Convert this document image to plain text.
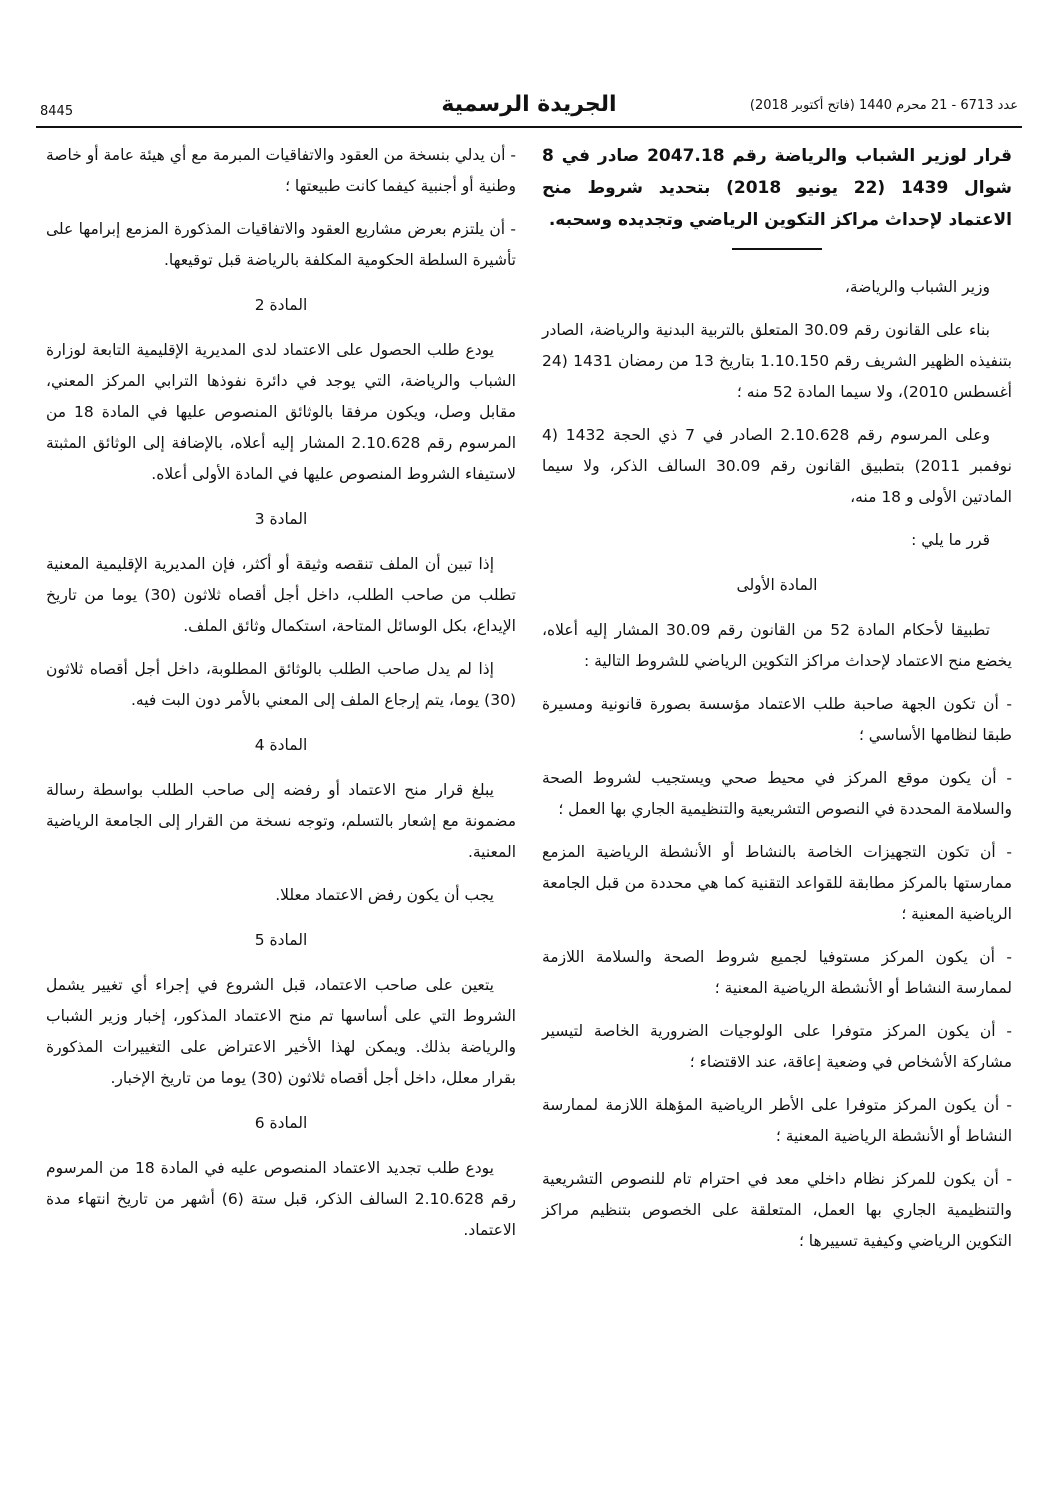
عدد 6713 - 21 محرم 1440 (فاتح أكتوبر 2018)
الجريدة الرسمية
8445

قرار لوزير الشباب والرياضة رقم 2047.18 صادر في 8 شوال 1439 (22 يونيو 2018) بتحديد شروط منح الاعتماد لإحداث مراكز التكوين الرياضي وتجديده وسحبه.

وزير الشباب والرياضة،

بناء على القانون رقم 30.09 المتعلق بالتربية البدنية والرياضة، الصادر بتنفيذه الظهير الشريف رقم 1.10.150 بتاريخ 13 من رمضان 1431 (24 أغسطس 2010)، ولا سيما المادة 52 منه ؛

وعلى المرسوم رقم 2.10.628 الصادر في 7 ذي الحجة 1432 (4 نوفمبر 2011) بتطبيق القانون رقم 30.09 السالف الذكر، ولا سيما المادتين الأولى و 18 منه،

قرر ما يلي :

المادة الأولى

تطبيقا لأحكام المادة 52 من القانون رقم 30.09 المشار إليه أعلاه، يخضع منح الاعتماد لإحداث مراكز التكوين الرياضي للشروط التالية :

- أن تكون الجهة صاحبة طلب الاعتماد مؤسسة بصورة قانونية ومسيرة طبقا لنظامها الأساسي ؛

- أن يكون موقع المركز في محيط صحي ويستجيب لشروط الصحة والسلامة المحددة في النصوص التشريعية والتنظيمية الجاري بها العمل ؛

- أن تكون التجهيزات الخاصة بالنشاط أو الأنشطة الرياضية المزمع ممارستها بالمركز مطابقة للقواعد التقنية كما هي محددة من قبل الجامعة الرياضية المعنية ؛

- أن يكون المركز مستوفيا لجميع شروط الصحة والسلامة اللازمة لممارسة النشاط أو الأنشطة الرياضية المعنية ؛

- أن يكون المركز متوفرا على الولوجيات الضرورية الخاصة لتيسير مشاركة الأشخاص في وضعية إعاقة، عند الاقتضاء ؛

- أن يكون المركز متوفرا على الأطر الرياضية المؤهلة اللازمة لممارسة النشاط أو الأنشطة الرياضية المعنية ؛

- أن يكون للمركز نظام داخلي معد في احترام تام للنصوص التشريعية والتنظيمية الجاري بها العمل، المتعلقة على الخصوص بتنظيم مراكز التكوين الرياضي وكيفية تسييرها ؛

- أن يدلي بنسخة من العقود والاتفاقيات المبرمة مع أي هيئة عامة أو خاصة وطنية أو أجنبية كيفما كانت طبيعتها ؛

- أن يلتزم بعرض مشاريع العقود والاتفاقيات المذكورة المزمع إبرامها على تأشيرة السلطة الحكومية المكلفة بالرياضة قبل توقيعها.

المادة 2

يودع طلب الحصول على الاعتماد لدى المديرية الإقليمية التابعة لوزارة الشباب والرياضة، التي يوجد في دائرة نفوذها الترابي المركز المعني، مقابل وصل، ويكون مرفقا بالوثائق المنصوص عليها في المادة 18 من المرسوم رقم 2.10.628 المشار إليه أعلاه، بالإضافة إلى الوثائق المثبتة لاستيفاء الشروط المنصوص عليها في المادة الأولى أعلاه.

المادة 3

إذا تبين أن الملف تنقصه وثيقة أو أكثر، فإن المديرية الإقليمية المعنية تطلب من صاحب الطلب، داخل أجل أقصاه ثلاثون (30) يوما من تاريخ الإيداع، بكل الوسائل المتاحة، استكمال وثائق الملف.

إذا لم يدل صاحب الطلب بالوثائق المطلوبة، داخل أجل أقصاه ثلاثون (30) يوما، يتم إرجاع الملف إلى المعني بالأمر دون البت فيه.

المادة 4

يبلغ قرار منح الاعتماد أو رفضه إلى صاحب الطلب بواسطة رسالة مضمونة مع إشعار بالتسلم، وتوجه نسخة من القرار إلى الجامعة الرياضية المعنية.

يجب أن يكون رفض الاعتماد معللا.

المادة 5

يتعين على صاحب الاعتماد، قبل الشروع في إجراء أي تغيير يشمل الشروط التي على أساسها تم منح الاعتماد المذكور، إخبار وزير الشباب والرياضة بذلك. ويمكن لهذا الأخير الاعتراض على التغييرات المذكورة بقرار معلل، داخل أجل أقصاه ثلاثون (30) يوما من تاريخ الإخبار.

المادة 6

يودع طلب تجديد الاعتماد المنصوص عليه في المادة 18 من المرسوم رقم 2.10.628 السالف الذكر، قبل ستة (6) أشهر من تاريخ انتهاء مدة الاعتماد.
